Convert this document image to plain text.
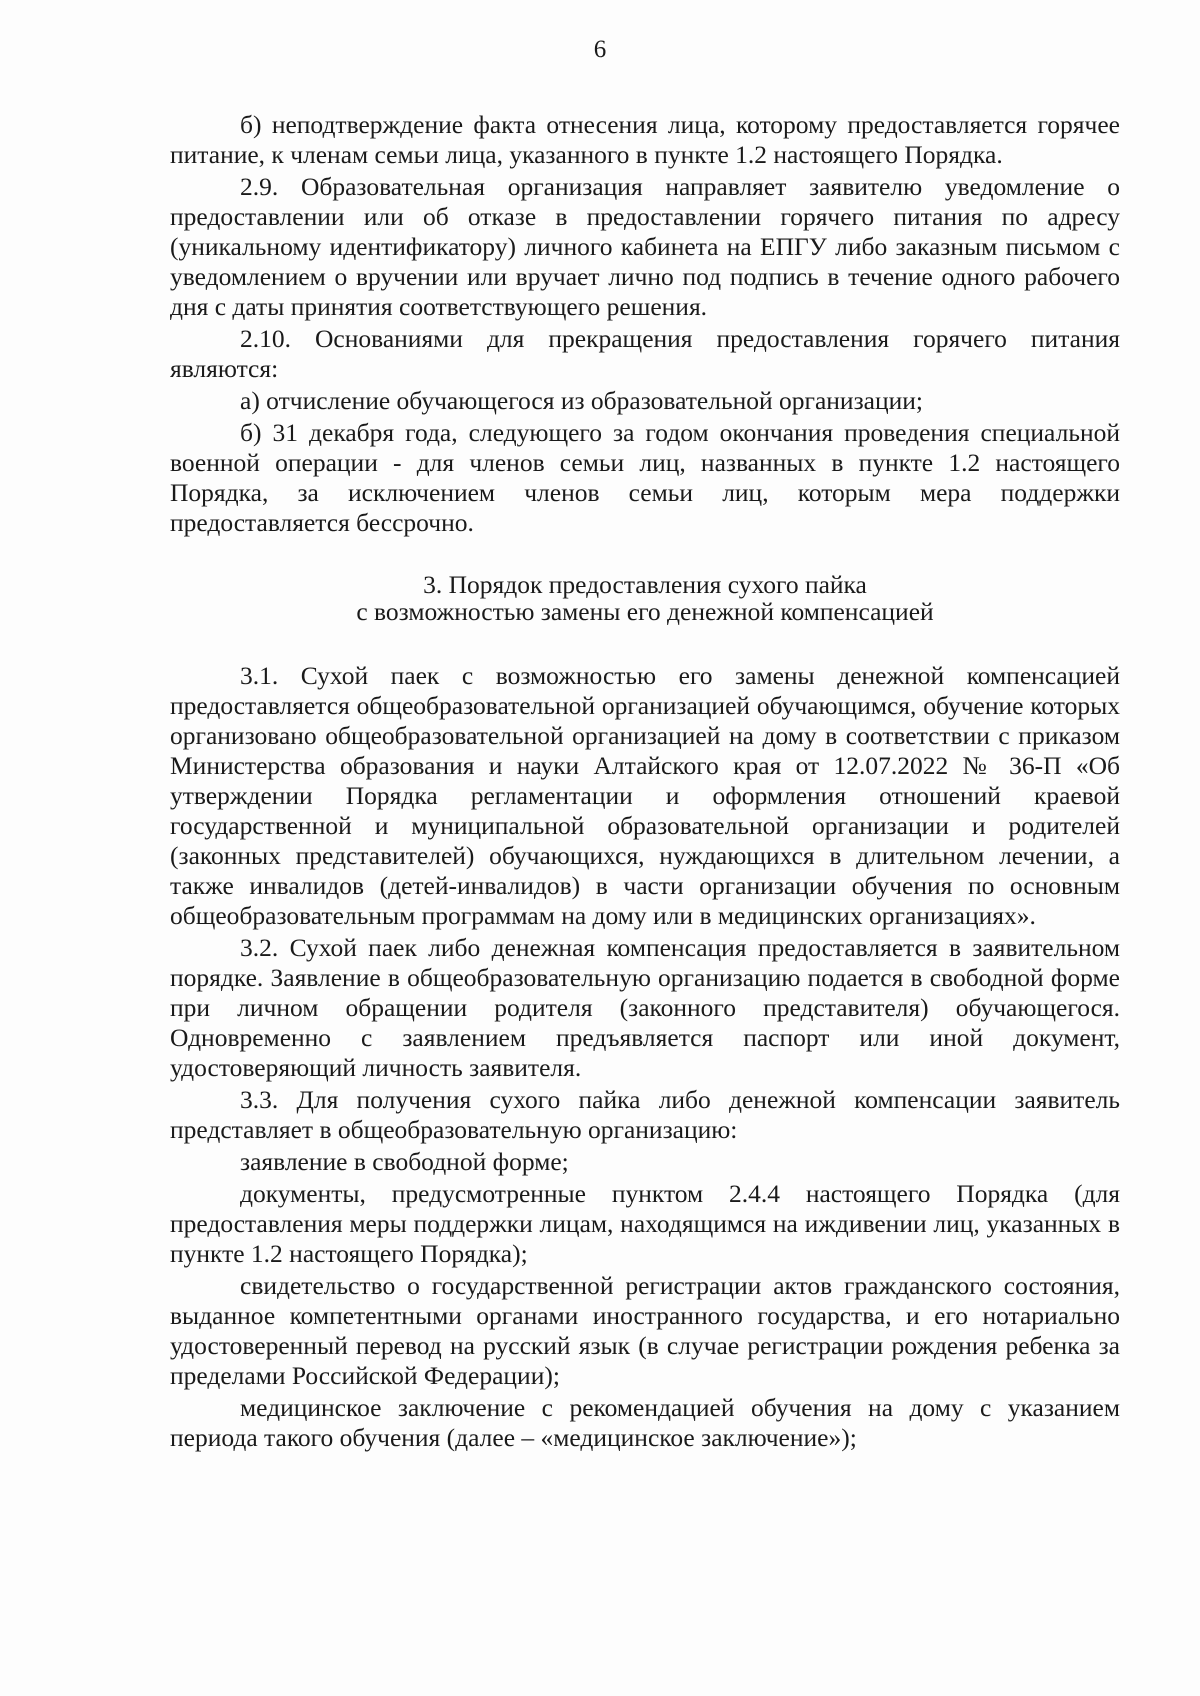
6

б) неподтверждение факта отнесения лица, которому предоставляется горячее питание, к членам семьи лица, указанного в пункте 1.2 настоящего Порядка.

2.9. Образовательная организация направляет заявителю уведомление о предоставлении или об отказе в предоставлении горячего питания по адресу (уникальному идентификатору) личного кабинета на ЕПГУ либо заказным письмом с уведомлением о вручении или вручает лично под подпись в течение одного рабочего дня с даты принятия соответствующего решения.

2.10. Основаниями для прекращения предоставления горячего питания являются:

а) отчисление обучающегося из образовательной организации;

б) 31 декабря года, следующего за годом окончания проведения специальной военной операции - для членов семьи лиц, названных в пункте 1.2 настоящего Порядка, за исключением членов семьи лиц, которым мера поддержки предоставляется бессрочно.

3. Порядок предоставления сухого пайка

с возможностью замены его денежной компенсацией

3.1. Сухой паек с возможностью его замены денежной компенсацией предоставляется общеобразовательной организацией обучающимся, обучение которых организовано общеобразовательной организацией на дому в соответствии с приказом Министерства образования и науки Алтайского края от 12.07.2022 № 36-П «Об утверждении Порядка регламентации и оформления отношений краевой государственной и муниципальной образовательной организации и родителей (законных представителей) обучающихся, нуждающихся в длительном лечении, а также инвалидов (детей-инвалидов) в части организации обучения по основным общеобразовательным программам на дому или в медицинских организациях».

3.2. Сухой паек либо денежная компенсация предоставляется в заявительном порядке. Заявление в общеобразовательную организацию подается в свободной форме при личном обращении родителя (законного представителя) обучающегося. Одновременно с заявлением предъявляется паспорт или иной документ, удостоверяющий личность заявителя.

3.3. Для получения сухого пайка либо денежной компенсации заявитель представляет в общеобразовательную организацию:

заявление в свободной форме;

документы, предусмотренные пунктом 2.4.4 настоящего Порядка (для предоставления меры поддержки лицам, находящимся на иждивении лиц, указанных в пункте 1.2 настоящего Порядка);

свидетельство о государственной регистрации актов гражданского состояния, выданное компетентными органами иностранного государства, и его нотариально удостоверенный перевод на русский язык (в случае регистрации рождения ребенка за пределами Российской Федерации);

медицинское заключение с рекомендацией обучения на дому с указанием периода такого обучения (далее – «медицинское заключение»);
